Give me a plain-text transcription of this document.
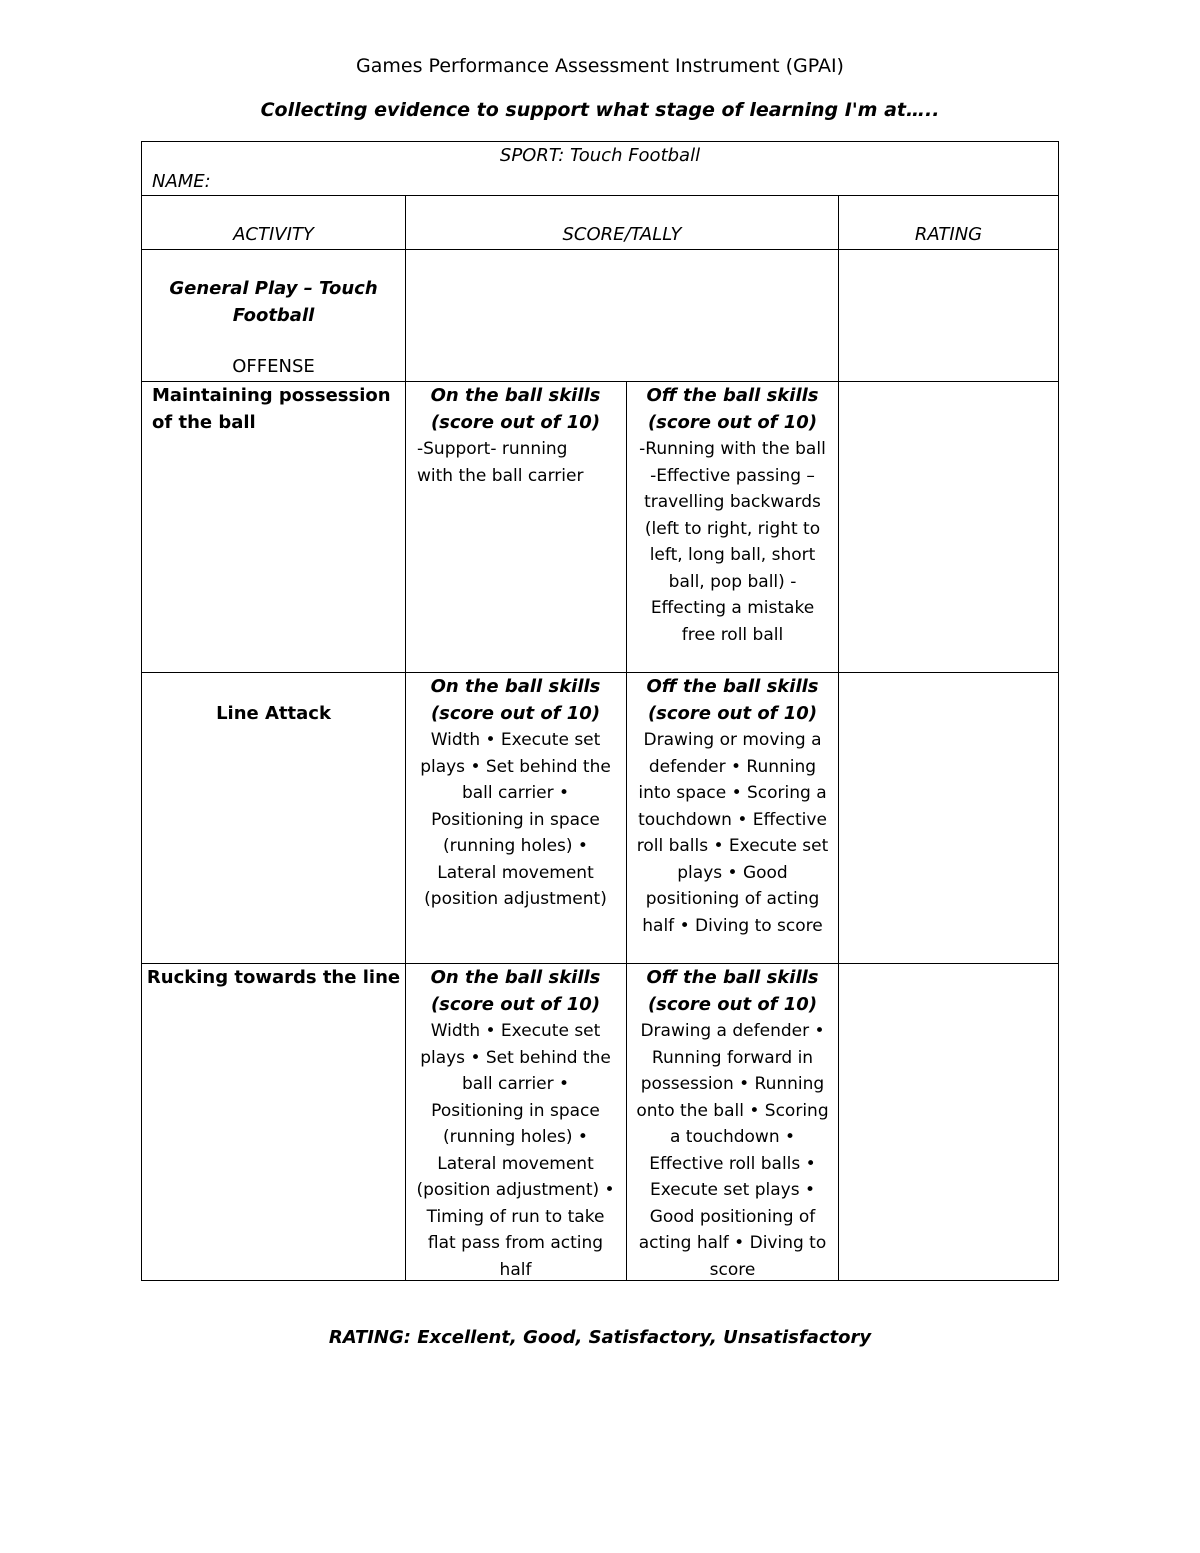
Games Performance Assessment Instrument (GPAI)
Collecting evidence to support what stage of learning I'm at…..
SPORT: Touch Football
NAME:
ACTIVITY	SCORE/TALLY	RATING
General Play – Touch Football
OFFENSE
Maintaining possession of the ball
On the ball skills (score out of 10)
-Support- running with the ball carrier
Off the ball skills (score out of 10)
-Running with the ball
-Effective passing – travelling backwards (left to right, right to left, long ball, short ball, pop ball) - Effecting a mistake free roll ball
Line Attack
On the ball skills (score out of 10)
Width • Execute set plays • Set behind the ball carrier • Positioning in space (running holes) • Lateral movement (position adjustment)
Off the ball skills (score out of 10)
Drawing or moving a defender • Running into space • Scoring a touchdown • Effective roll balls • Execute set plays • Good positioning of acting half • Diving to score
Rucking towards the line On the ball skills (score out of 10)
Width • Execute set plays • Set behind the ball carrier • Positioning in space (running holes) • Lateral movement (position adjustment) • Timing of run to take flat pass from acting half
Off the ball skills (score out of 10)
Drawing a defender • Running forward in possession • Running onto the ball • Scoring a touchdown • Effective roll balls • Execute set plays • Good positioning of acting half • Diving to score
RATING: Excellent, Good, Satisfactory, Unsatisfactory
